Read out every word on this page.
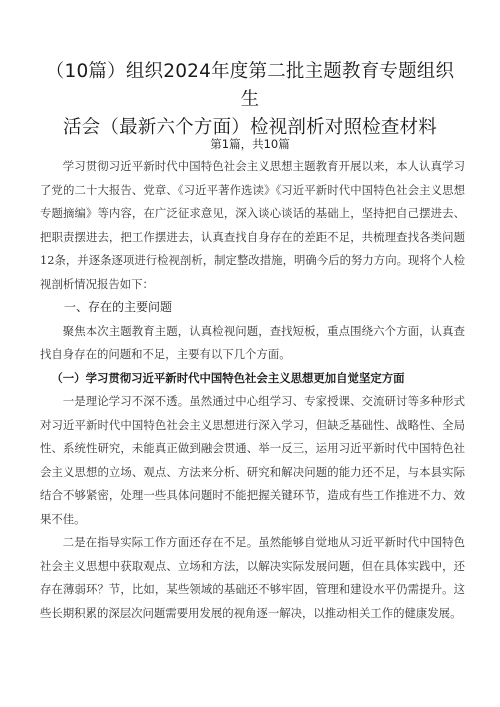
（10篇）组织2024年度第二批主题教育专题组织生
活会（最新六个方面）检视剖析对照检查材料
第1篇，共10篇

学习贯彻习近平新时代中国特色社会主义思想主题教育开展以来，本人认真学习了党的二十大报告、党章、《习近平著作选读》《习近平新时代中国特色社会主义思想专题摘编》等内容，在广泛征求意见，深入谈心谈话的基础上，坚持把自己摆进去、把职责摆进去，把工作摆进去，认真查找自身存在的差距不足，共梳理查找各类问题12条，并逐条逐项进行检视剖析，制定整改措施，明确今后的努力方向。现将个人检视剖析情况报告如下：

一、存在的主要问题

聚焦本次主题教育主题，认真检视问题，查找短板，重点围绕六个方面，认真查找自身存在的问题和不足，主要有以下几个方面。

（一）学习贯彻习近平新时代中国特色社会主义思想更加自觉坚定方面

一是理论学习不深不透。虽然通过中心组学习、专家授课、交流研讨等多种形式对习近平新时代中国特色社会主义思想进行深入学习，但缺乏基础性、战略性、全局性、系统性研究，未能真正做到融会贯通、举一反三，运用习近平新时代中国特色社会主义思想的立场、观点、方法来分析、研究和解决问题的能力还不足，与本县实际结合不够紧密，处理一些具体问题时不能把握关键环节，造成有些工作推进不力、效果不佳。

二是在指导实际工作方面还存在不足。虽然能够自觉地从习近平新时代中国特色社会主义思想中获取观点、立场和方法，以解决实际发展问题，但在具体实践中，还存在薄弱环？节，比如，某些领域的基础还不够牢固，管理和建设水平仍需提升。这些长期积累的深层次问题需要用发展的视角逐一解决，以推动相关工作的健康发展。
